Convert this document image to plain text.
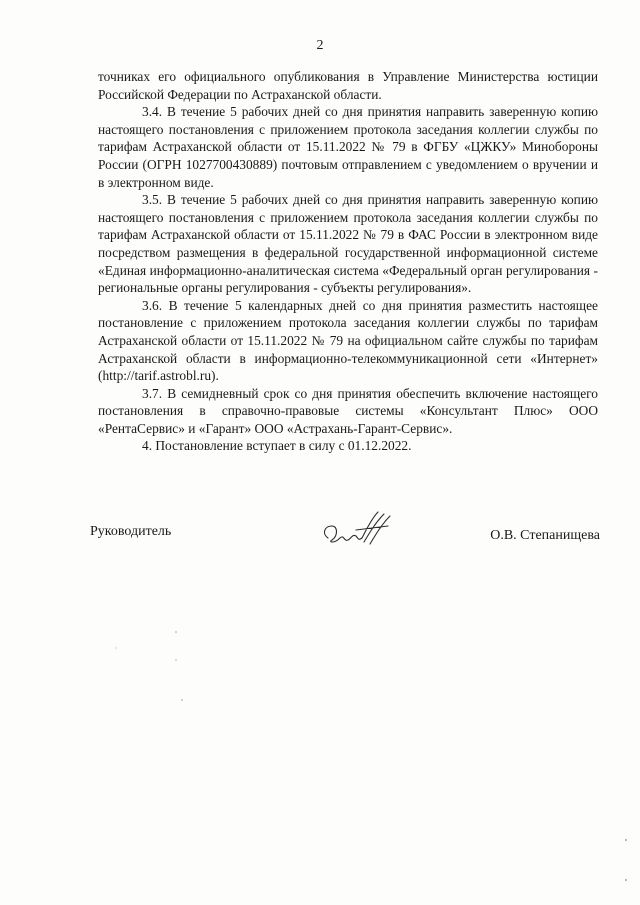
2

точниках его официального опубликования в Управление Министерства юстиции Российской Федерации по Астраханской области.

3.4. В течение 5 рабочих дней со дня принятия направить заверенную копию настоящего постановления с приложением протокола заседания коллегии службы по тарифам Астраханской области от 15.11.2022 № 79 в ФГБУ «ЦЖКУ» Минобороны России (ОГРН 1027700430889) почтовым отправлением с уведомлением о вручении и в электронном виде.

3.5. В течение 5 рабочих дней со дня принятия направить заверенную копию настоящего постановления с приложением протокола заседания коллегии службы по тарифам Астраханской области от 15.11.2022 № 79 в ФАС России в электронном виде посредством размещения в федеральной государственной информационной системе «Единая информационно-аналитическая система «Федеральный орган регулирования - региональные органы регулирования - субъекты регулирования».

3.6. В течение 5 календарных дней со дня принятия разместить настоящее постановление с приложением протокола заседания коллегии службы по тарифам Астраханской области от 15.11.2022 № 79 на официальном сайте службы по тарифам Астраханской области в информационно-телекоммуникационной сети «Интернет» (http://tarif.astrobl.ru).

3.7. В семидневный срок со дня принятия обеспечить включение настоящего постановления в справочно-правовые системы «Консультант Плюс» ООО «РентаСервис» и «Гарант» ООО «Астрахань-Гарант-Сервис».

4. Постановление вступает в силу с 01.12.2022.

Руководитель	О.В. Степанищева
